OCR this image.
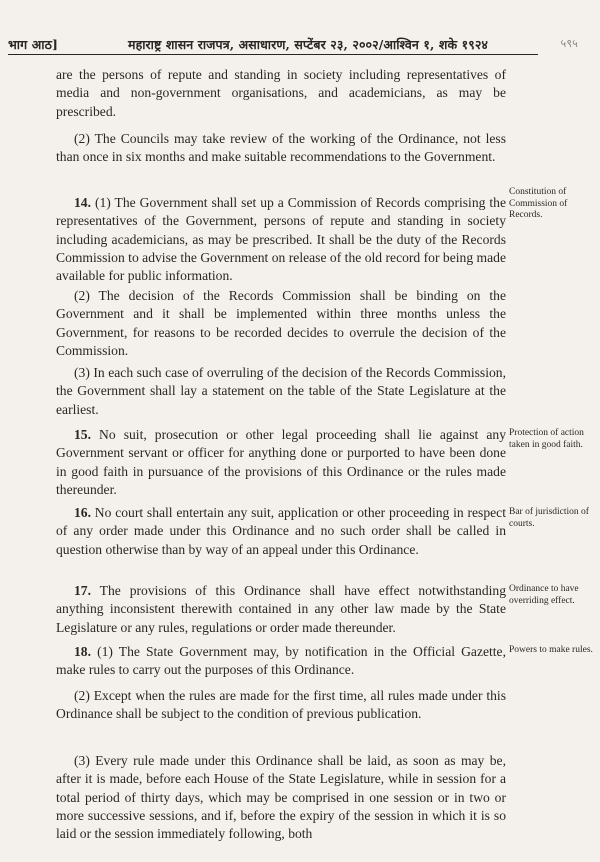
भाग आठ]	महाराष्ट्र शासन राजपत्र, असाधारण, सप्टेंबर २३, २००२/आश्विन १, शके १९२४	५९५

are the persons of repute and standing in society including representatives of media and non-government organisations, and academicians, as may be prescribed.

(2) The Councils may take review of the working of the Ordinance, not less than once in six months and make suitable recommendations to the Government.

14. (1) The Government shall set up a Commission of Records comprising the representatives of the Government, persons of repute and standing in society including academicians, as may be prescribed. It shall be the duty of the Records Commission to advise the Government on release of the old record for being made available for public information.

(2) The decision of the Records Commission shall be binding on the Government and it shall be implemented within three months unless the Government, for reasons to be recorded decides to overrule the decision of the Commission.

(3) In each such case of overruling of the decision of the Records Commission, the Government shall lay a statement on the table of the State Legislature at the earliest.

15. No suit, prosecution or other legal proceeding shall lie against any Government servant or officer for anything done or purported to have been done in good faith in pursuance of the provisions of this Ordinance or the rules made thereunder.

16. No court shall entertain any suit, application or other proceeding in respect of any order made under this Ordinance and no such order shall be called in question otherwise than by way of an appeal under this Ordinance.

17. The provisions of this Ordinance shall have effect notwithstanding anything inconsistent therewith contained in any other law made by the State Legislature or any rules, regulations or order made thereunder.

18. (1) The State Government may, by notification in the Official Gazette, make rules to carry out the purposes of this Ordinance.

(2) Except when the rules are made for the first time, all rules made under this Ordinance shall be subject to the condition of previous publication.

(3) Every rule made under this Ordinance shall be laid, as soon as may be, after it is made, before each House of the State Legislature, while in session for a total period of thirty days, which may be comprised in one session or in two or more successive sessions, and if, before the expiry of the session in which it is so laid or the session immediately following, both

Constitution of Commission of Records.
Protection of action taken in good faith.
Bar of jurisdiction of courts.
Ordinance to have overriding effect.
Powers to make rules.
